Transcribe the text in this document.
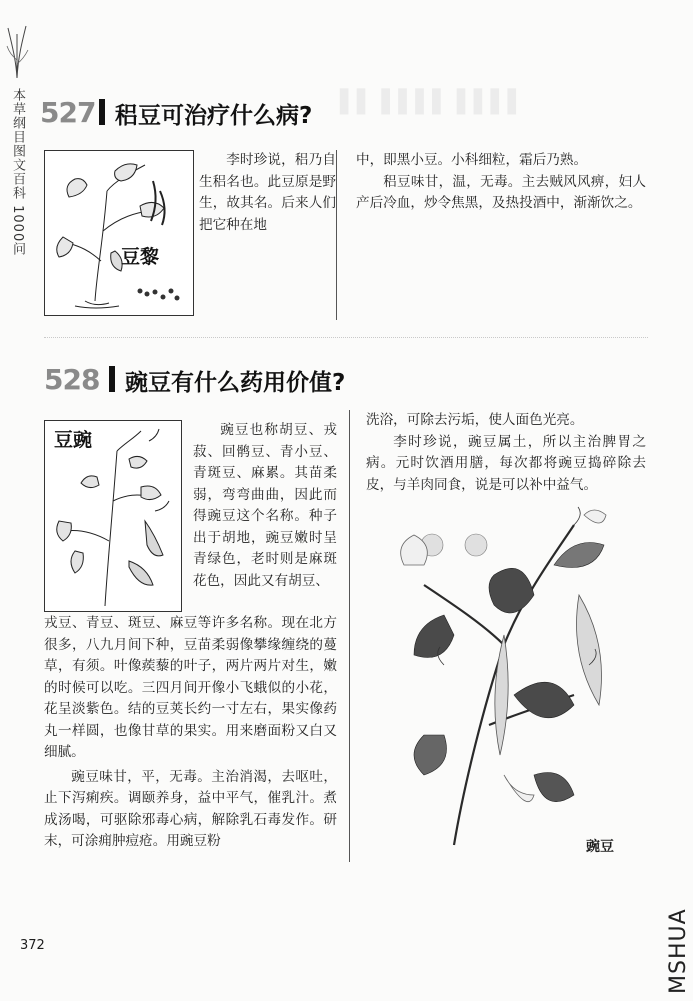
本草纲目图文百科 1000问	▌▌ ▌▌▌▌ ▌▌▌▌
527 稆豆可治疗什么病?
豆黎
李时珍说，稆乃自生稆名也。此豆原是野生，故其名。后来人们把它种在地

中，即黑小豆。小科细粒，霜后乃熟。

稆豆味甘，温，无毒。主去贼风风痹，妇人产后冷血，炒令焦黑，及热投酒中，渐渐饮之。

528 豌豆有什么药用价值?
豆豌	豌豆也称胡豆、戎菽、回鹘豆、青小豆、青斑豆、麻累。其苗柔弱，弯弯曲曲，因此而得豌豆这个名称。种子出于胡地，豌豆嫩时呈青绿色，老时则是麻斑花色，因此又有胡豆、

戎豆、青豆、斑豆、麻豆等许多名称。现在北方很多，八九月间下种，豆苗柔弱像攀缘缠绕的蔓草，有须。叶像蒺藜的叶子，两片两片对生，嫩的时候可以吃。三四月间开像小飞蛾似的小花，花呈淡紫色。结的豆荚长约一寸左右，果实像药丸一样圆，也像甘草的果实。用来磨面粉又白又细腻。

豌豆味甘，平，无毒。主治消渴，去呕吐，止下泻痢疾。调颐养身，益中平气，催乳汁。煮成汤喝，可驱除邪毒心病，解除乳石毒发作。研末，可涂痈肿痘疮。用豌豆粉

洗浴，可除去污垢，使人面色光亮。

李时珍说，豌豆属土，所以主治脾胃之病。元时饮酒用膳，每次都将豌豆捣碎除去皮，与羊肉同食，说是可以补中益气。

豌豆
372	MSHUA
